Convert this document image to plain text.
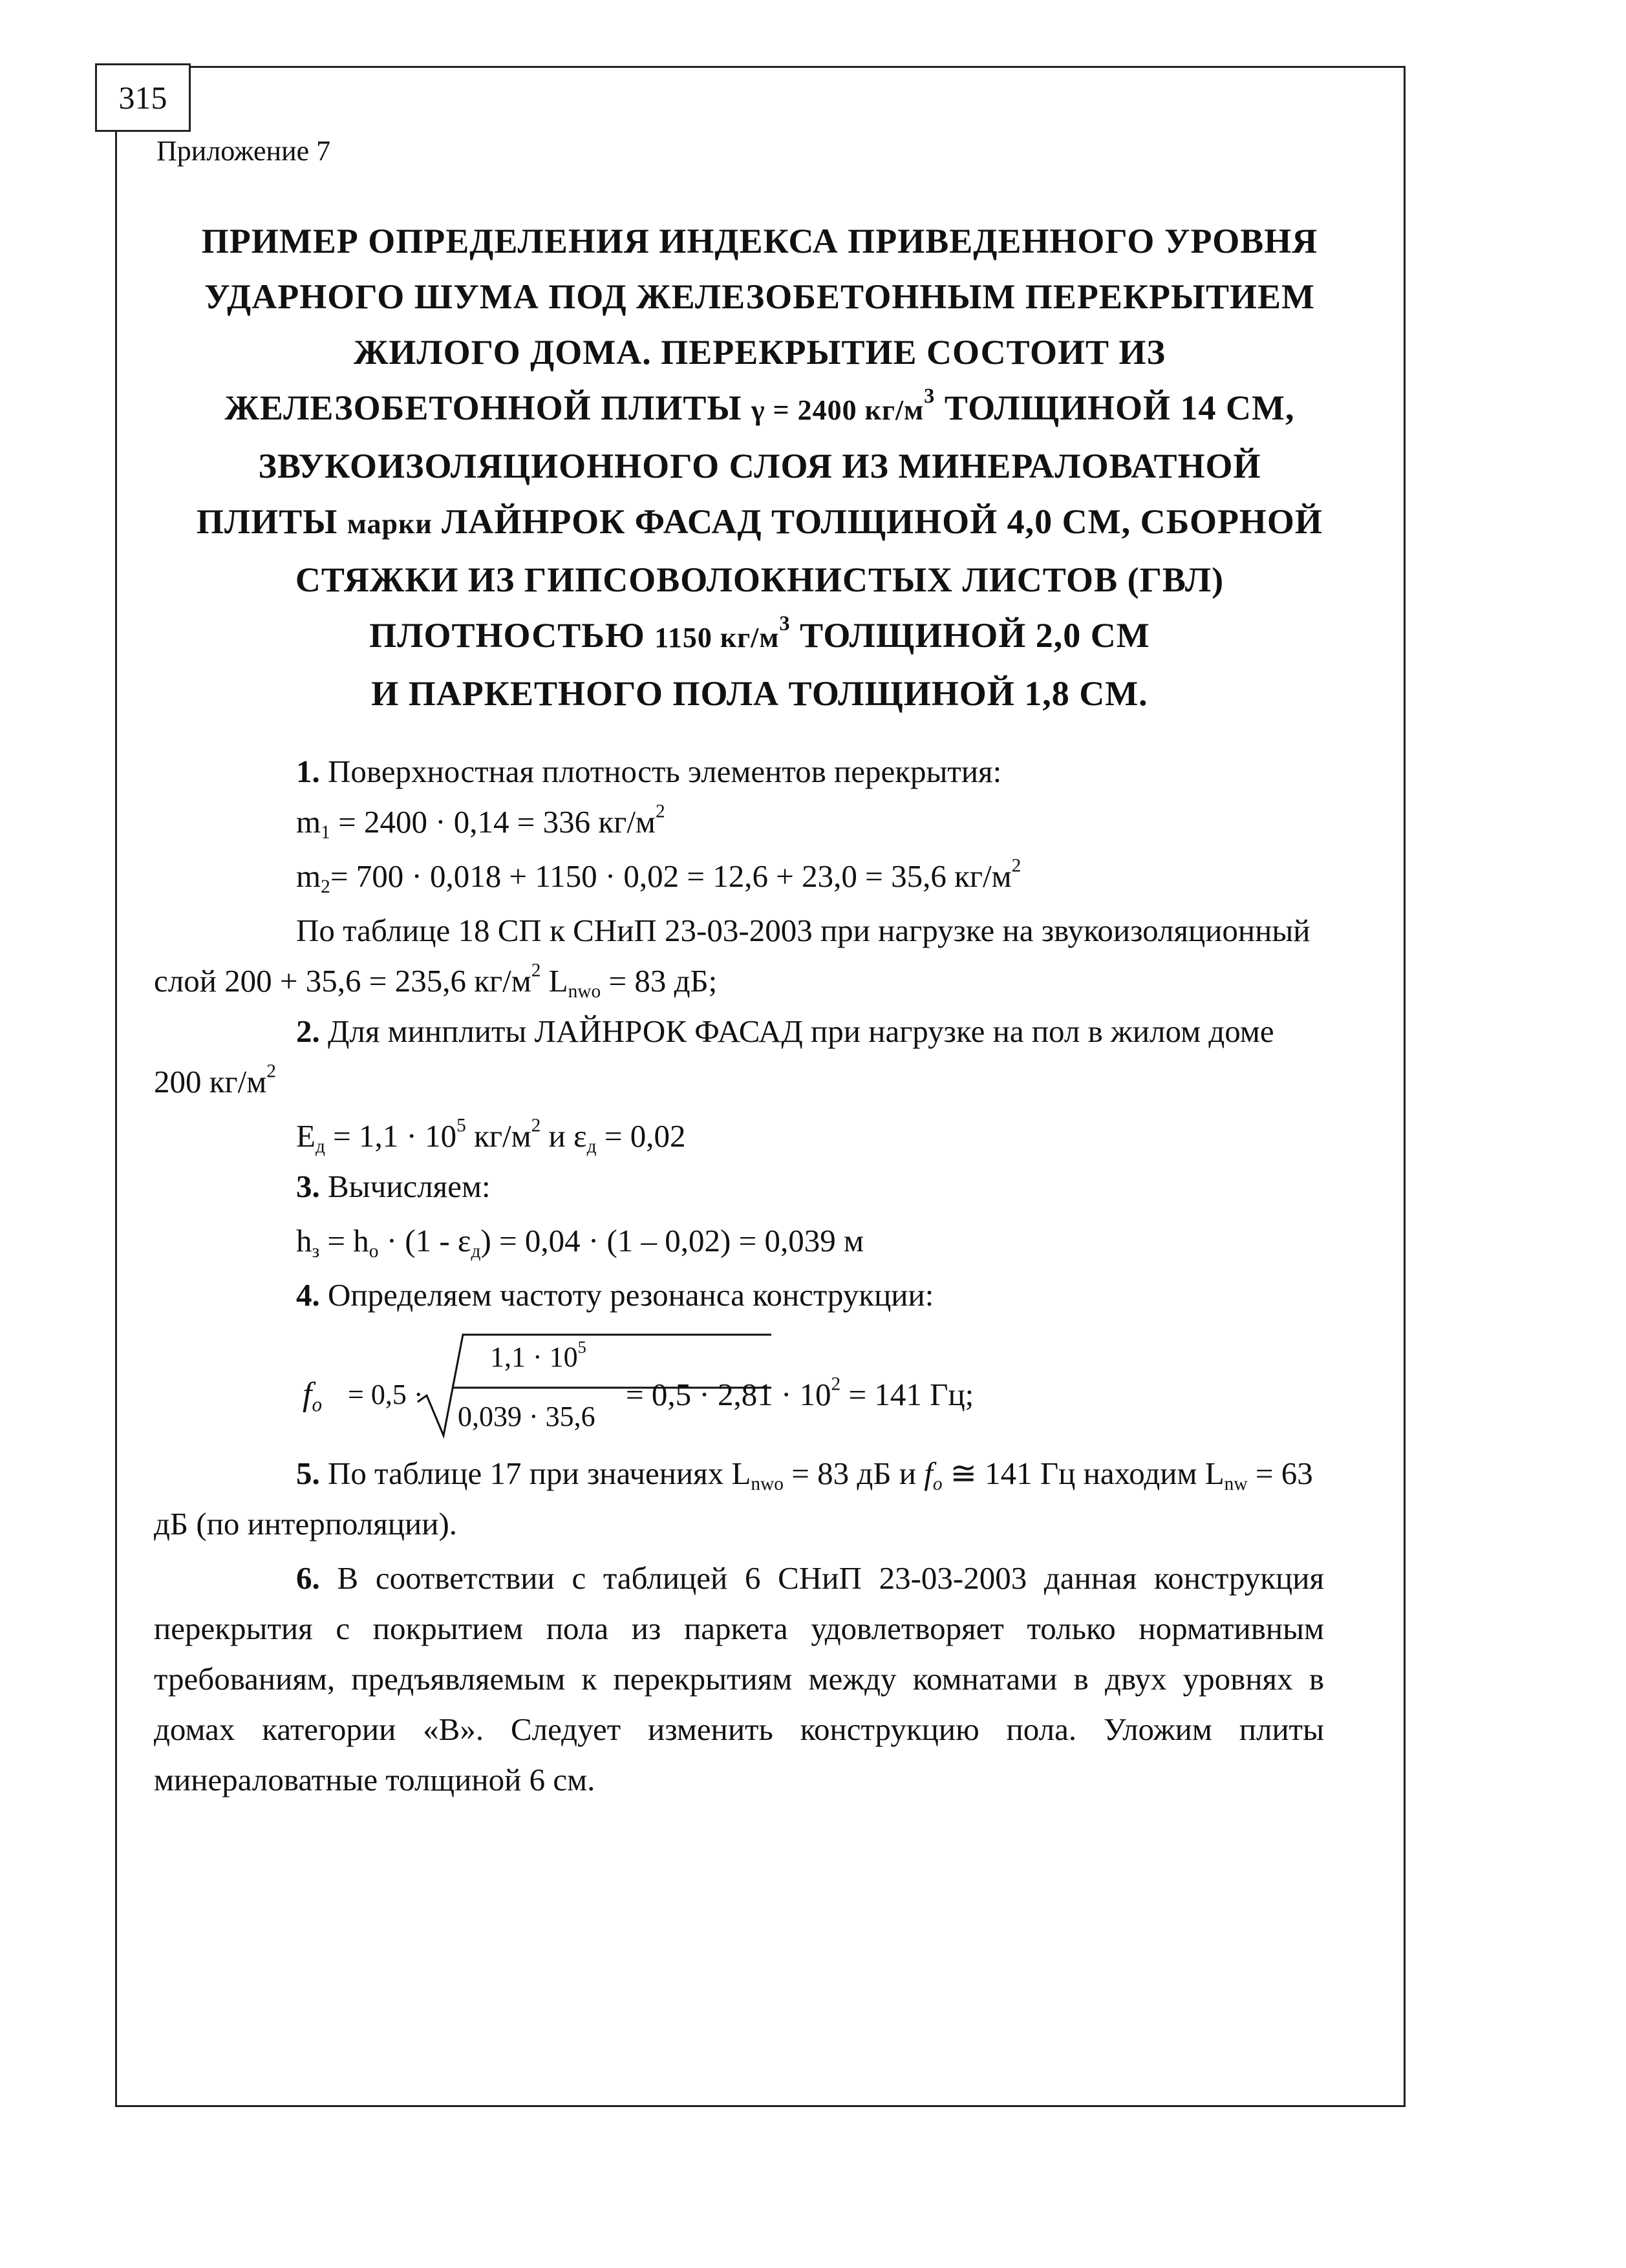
315
Приложение 7
ПРИМЕР ОПРЕДЕЛЕНИЯ ИНДЕКСА ПРИВЕДЕННОГО УРОВНЯ
УДАРНОГО ШУМА ПОД ЖЕЛЕЗОБЕТОННЫМ ПЕРЕКРЫТИЕМ
ЖИЛОГО ДОМА. ПЕРЕКРЫТИЕ СОСТОИТ ИЗ
ЖЕЛЕЗОБЕТОННОЙ ПЛИТЫ γ = 2400 $кг/м^3$ ТОЛЩИНОЙ 14 СМ,
ЗВУКОИЗОЛЯЦИОННОГО СЛОЯ ИЗ МИНЕРАЛОВАТНОЙ
ПЛИТЫ марки ЛАЙНРОК ФАСАД ТОЛЩИНОЙ 4,0 СМ, СБОРНОЙ
СТЯЖКИ ИЗ ГИПСОВОЛОКНИСТЫХ ЛИСТОВ (ГВЛ)
ПЛОТНОСТЬЮ 1150 $кг/м^3$ ТОЛЩИНОЙ 2,0 СМ
И ПАРКЕТНОГО ПОЛА ТОЛЩИНОЙ 1,8 СМ.

1. Поверхностная плотность элементов перекрытия:

$m_1 = 2400 \cdot 0,14 = 336$ $кг/м^2$

$m_2= 700 \cdot 0,018 + 1150 \cdot 0,02 = 12,6 + 23,0 = 35,6$ $кг/м^2$

По таблице 18 СП к СНиП 23-03-2003 при нагрузке на звукоизоляционный слой 200 + 35,6 = 235,6 $кг/м^2$ $L_{nwo} = 83$ дБ;

2. Для минплиты ЛАЙНРОК ФАСАД при нагрузке на пол в жилом доме 200 $кг/м^2$

$E_д = 1,1 \cdot 10^5$ $кг/м^2$ и $\varepsilon_д = 0,02$

3. Вычисляем:

$h_з = h_o \cdot (1 - \varepsilon_д) = 0,04 \cdot (1 - 0,02) = 0,039$ м

4. Определяем частоту резонанса конструкции:

$f_o = 0,5$ ·
$1,1 \cdot 10^5$
0,039 · 35,6
= $0,5 \cdot 2,81 \cdot 10^2 = 141$ Гц;

5. По таблице 17 при значениях $L_{nwo} = 83$ дБ и $f_o$ ≅ 141 Гц находим $L_{nw} = 63$ дБ (по интерполяции).

6. В соответствии с таблицей 6 СНиП 23-03-2003 данная конструкция перекрытия с покрытием пола из паркета удовлетворяет только нормативным требованиям, предъявляемым к перекрытиям между комнатами в двух уровнях в домах категории «В». Следует изменить конструкцию пола. Уложим плиты минераловатные толщиной 6 см.
